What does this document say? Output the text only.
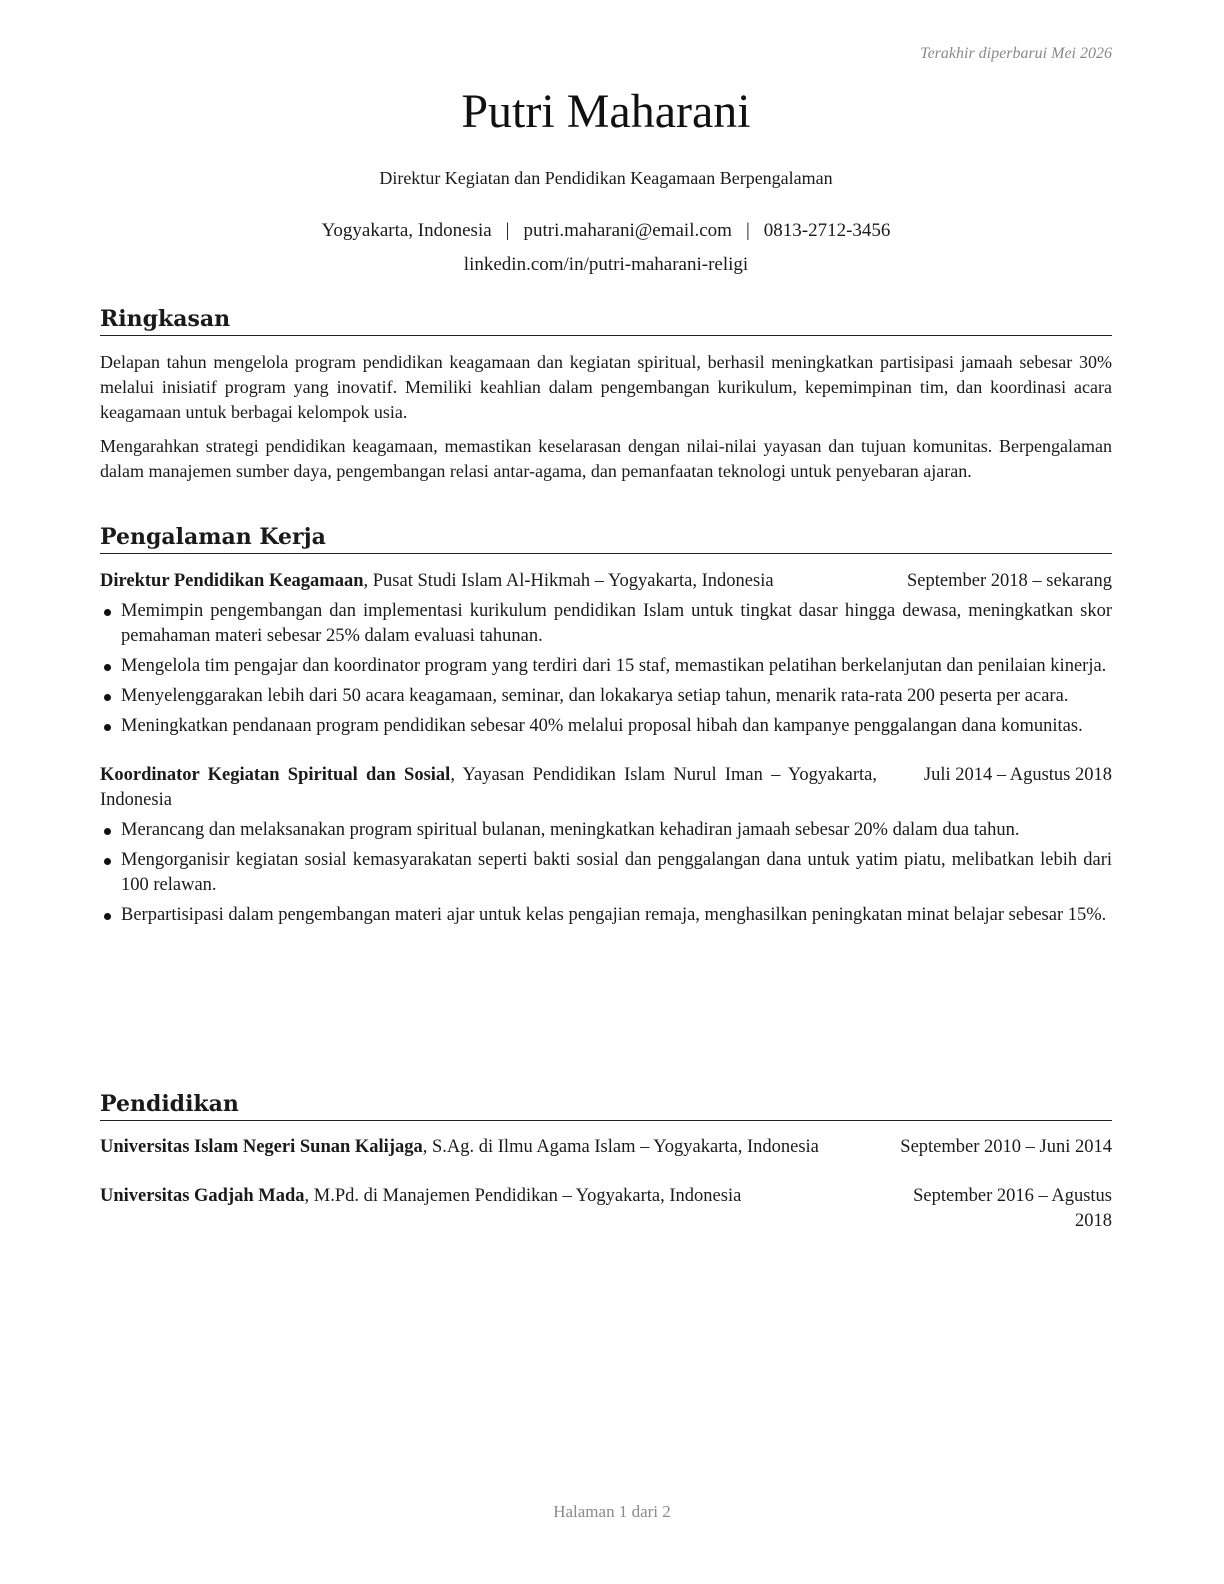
Terakhir diperbarui Mei 2026
Putri Maharani
Direktur Kegiatan dan Pendidikan Keagamaan Berpengalaman
Yogyakarta, Indonesia | putri.maharani@email.com | 0813-2712-3456
linkedin.com/in/putri-maharani-religi
Ringkasan

Delapan tahun mengelola program pendidikan keagamaan dan kegiatan spiritual, berhasil meningkatkan partisipasi jamaah sebesar 30% melalui inisiatif program yang inovatif. Memiliki keahlian dalam pengembangan kurikulum, kepemimpinan tim, dan koordinasi acara keagamaan untuk berbagai kelompok usia.

Mengarahkan strategi pendidikan keagamaan, memastikan keselarasan dengan nilai-nilai yayasan dan tujuan komunitas. Berpengalaman dalam manajemen sumber daya, pengembangan relasi antar-agama, dan pemanfaatan teknologi untuk penyebaran ajaran.

Pengalaman Kerja
Direktur Pendidikan Keagamaan, Pusat Studi Islam Al-Hikmah – Yogyakarta, Indonesia	September 2018 – sekarang
Memimpin pengembangan dan implementasi kurikulum pendidikan Islam untuk tingkat dasar hingga dewasa, meningkatkan skor pemahaman materi sebesar 25% dalam evaluasi tahunan.
Mengelola tim pengajar dan koordinator program yang terdiri dari 15 staf, memastikan pelatihan berkelanjutan dan penilaian kinerja.
Menyelenggarakan lebih dari 50 acara keagamaan, seminar, dan lokakarya setiap tahun, menarik rata-rata 200 peserta per acara.
Meningkatkan pendanaan program pendidikan sebesar 40% melalui proposal hibah dan kampanye penggalangan dana komunitas.
Koordinator Kegiatan Spiritual dan Sosial, Yayasan Pendidikan Islam Nurul Iman – Yogyakarta, Indonesia
Juli 2014 – Agustus 2018
Merancang dan melaksanakan program spiritual bulanan, meningkatkan kehadiran jamaah sebesar 20% dalam dua tahun.
Mengorganisir kegiatan sosial kemasyarakatan seperti bakti sosial dan penggalangan dana untuk yatim piatu, melibatkan lebih dari 100 relawan.
Berpartisipasi dalam pengembangan materi ajar untuk kelas pengajian remaja, menghasilkan peningkatan minat belajar sebesar 15%.
Pendidikan
Universitas Islam Negeri Sunan Kalijaga, S.Ag. di Ilmu Agama Islam – Yogyakarta, Indonesia	September 2010 – Juni 2014
Universitas Gadjah Mada, M.Pd. di Manajemen Pendidikan – Yogyakarta, Indonesia	September 2016 – Agustus 2018
Halaman 1 dari 2
